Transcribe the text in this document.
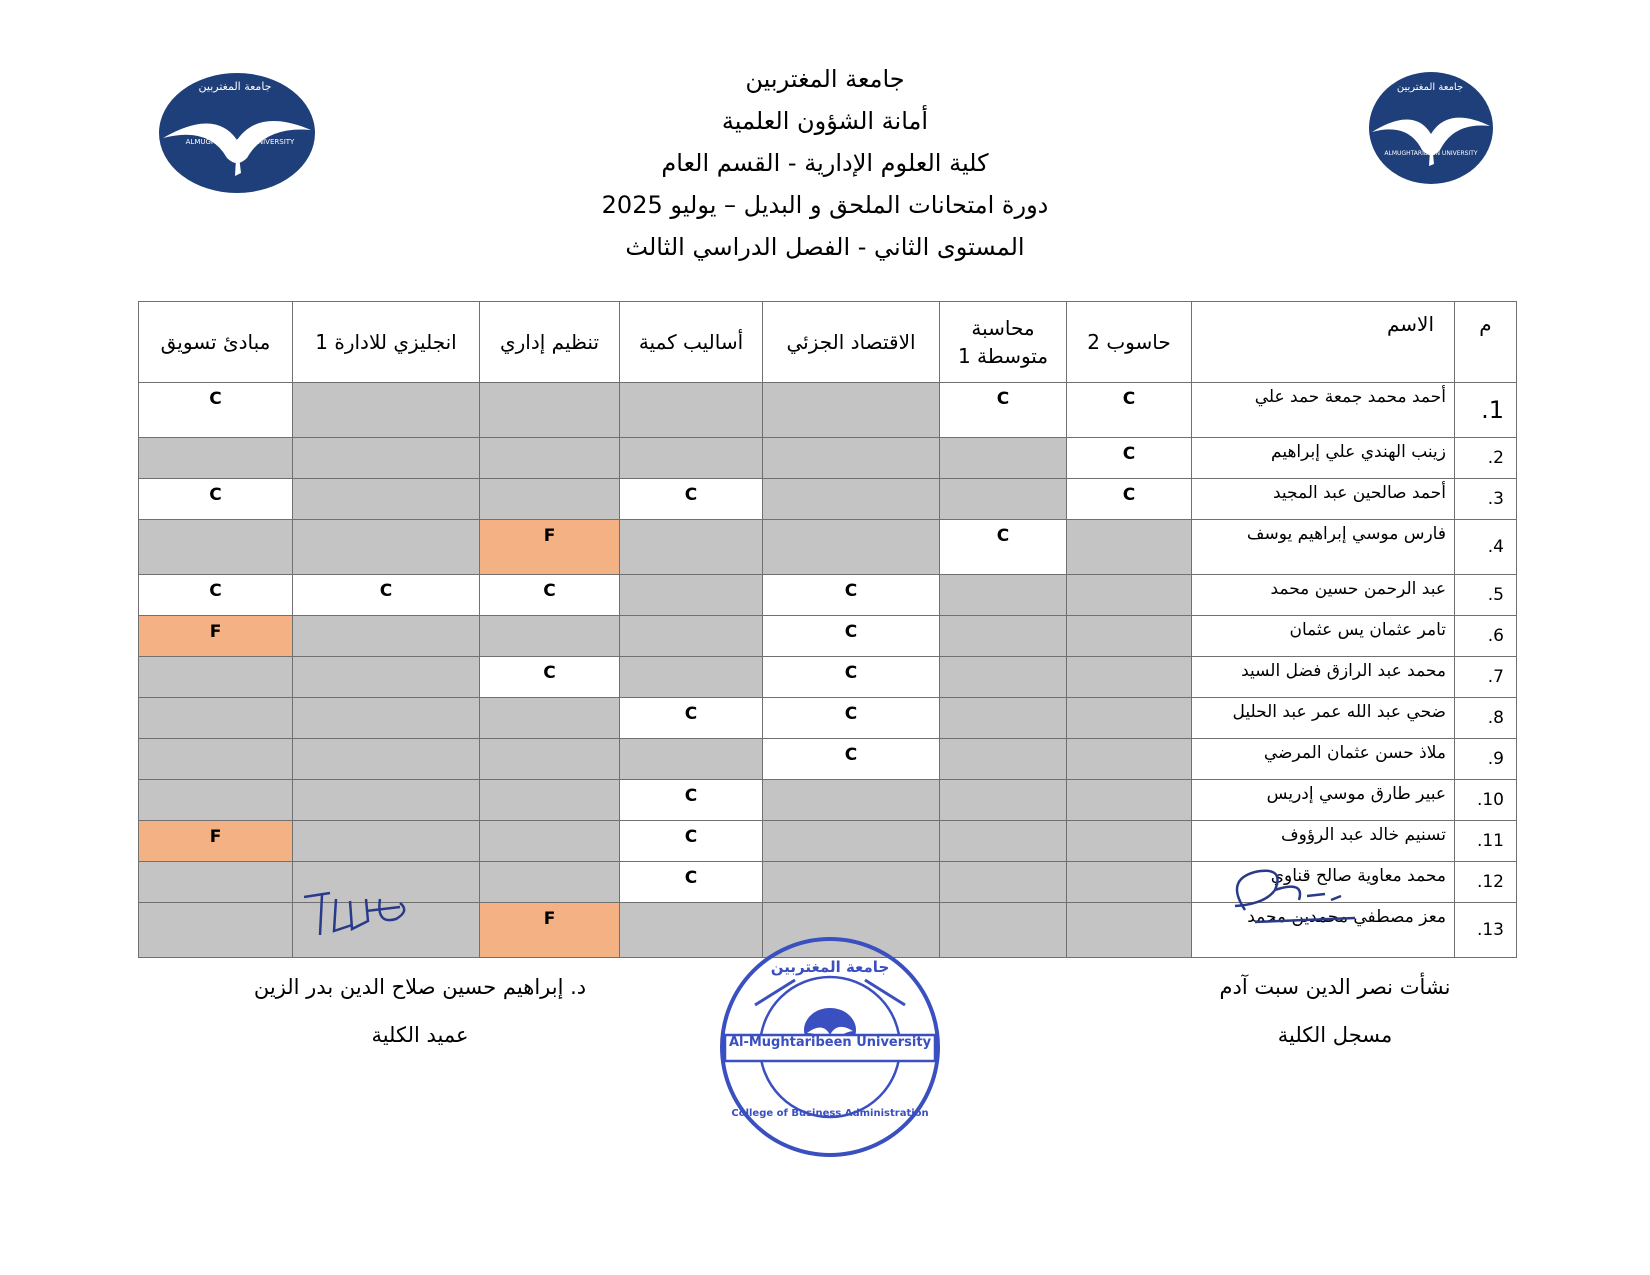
جامعة المغتربين
أمانة الشؤون العلمية
كلية العلوم الإدارية - القسم العام
دورة امتحانات الملحق و البديل – يوليو 2025
المستوى الثاني - الفصل الدراسي الثالث
م	الاسم	حاسوب 2	محاسبة متوسطة 1	الاقتصاد الجزئي	أساليب كمية	تنظيم إداري	انجليزي للادارة 1	مبادئ تسويق
1.	أحمد محمد جمعة حمد علي	C	C					C
2.	زينب الهندي علي إبراهيم	C						
3.	أحمد صالحين عبد المجيد	C			C			C
4.	فارس موسي إبراهيم يوسف		C			F		
5.	عبد الرحمن حسين محمد			C		C	C	C
6.	تامر عثمان يس عثمان			C				F
7.	محمد عبد الرازق فضل السيد			C		C		
8.	ضحي عبد الله عمر عبد الحليل			C	C			
9.	ملاذ حسن عثمان المرضي			C				
10.	عبير طارق موسي إدريس				C			
11.	تسنيم خالد عبد الرؤوف				C			F
12.	محمد معاوية صالح قناوي				C			
13.	معز مصطفي محمدين محمد					F		
د. إبراهيم حسين صلاح الدين بدر الزين
عميد الكلية
نشأت نصر الدين سبت آدم
مسجل الكلية
Al-Mughtaribeen University
جامعة المغتربين
College of Business Administration
ALMUGHTARIBEEN UNIVERSITY
ALMUGHTARIBEEN UNIVERSITY
جامعة المغتربين	جامعة المغتربين
